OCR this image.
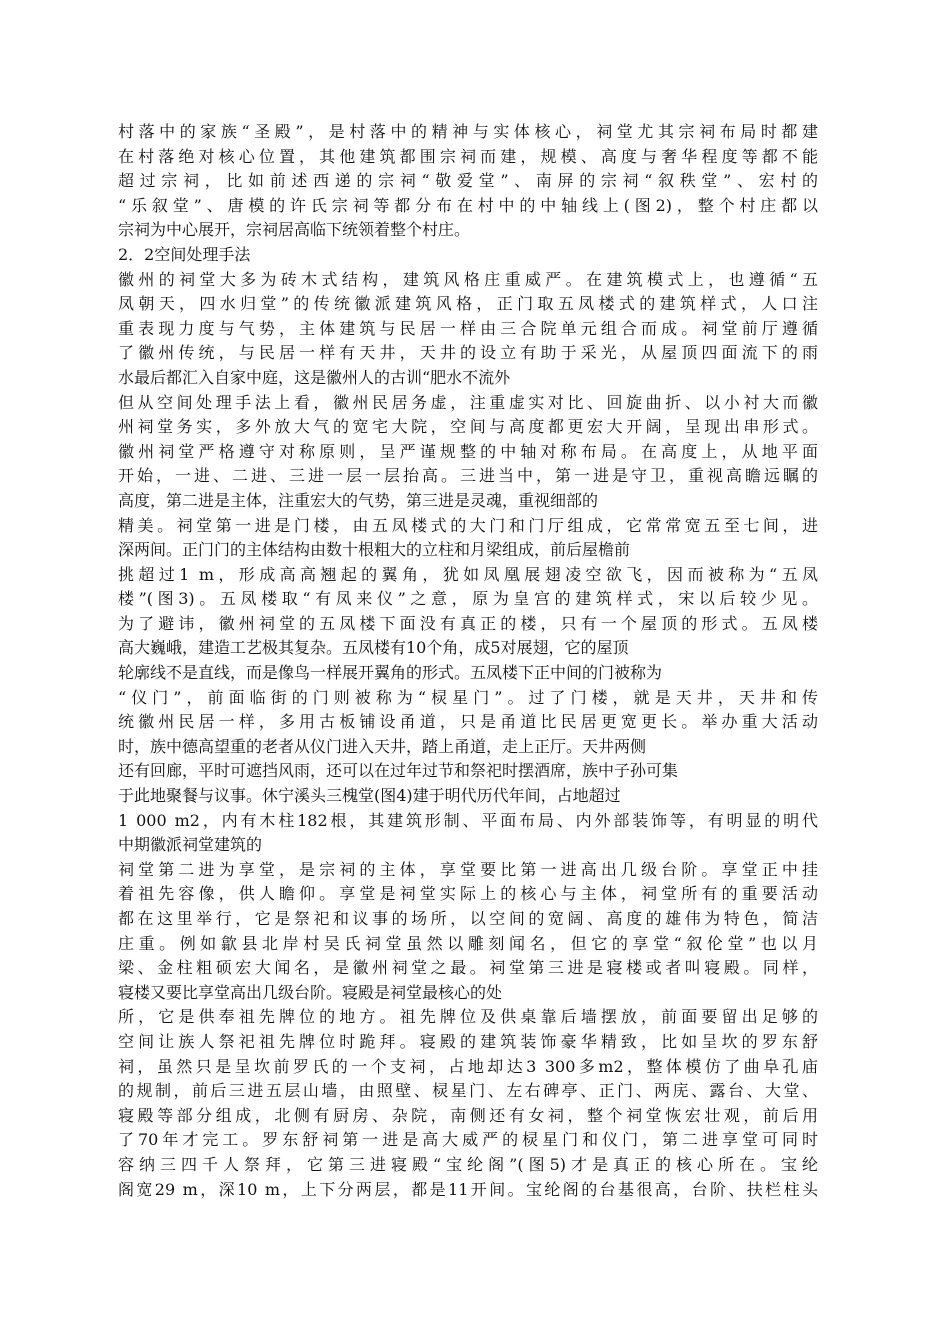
村落中的家族“圣殿”，是村落中的精神与实体核心，祠堂尤其宗祠布局时都建
在村落绝对核心位置，其他建筑都围宗祠而建，规模、高度与奢华程度等都不能
超过宗祠，比如前述西递的宗祠“敬爱堂”、南屏的宗祠“叙秩堂”、宏村的
“乐叙堂”、唐模的许氏宗祠等都分布在村中的中轴线上(图2)，整个村庄都以
宗祠为中心展开，宗祠居高临下统领着整个村庄。
2．2空间处理手法
徽州的祠堂大多为砖木式结构，建筑风格庄重威严。在建筑模式上，也遵循“五
凤朝天，四水归堂”的传统徽派建筑风格，正门取五凤楼式的建筑样式，人口注
重表现力度与气势，主体建筑与民居一样由三合院单元组合而成。祠堂前厅遵循
了徽州传统，与民居一样有天井，天井的设立有助于采光，从屋顶四面流下的雨
水最后都汇入自家中庭，这是徽州人的古训“肥水不流外
但从空间处理手法上看，徽州民居务虚，注重虚实对比、回旋曲折、以小衬大而徽
州祠堂务实，多外放大气的宽宅大院，空间与高度都更宏大开阔，呈现出串形式。
徽州祠堂严格遵守对称原则，呈严谨规整的中轴对称布局。在高度上，从地平面
开始，一进、二进、三进一层一层抬高。三进当中，第一进是守卫，重视高瞻远瞩的
高度，第二进是主体，注重宏大的气势，第三进是灵魂，重视细部的
精美。祠堂第一进是门楼，由五凤楼式的大门和门厅组成，它常常宽五至七间，进
深两间。正门门的主体结构由数十根粗大的立柱和月梁组成，前后屋檐前
挑超过1 m，形成高高翘起的翼角，犹如凤凰展翅凌空欲飞，因而被称为“五凤
楼”(图3)。五凤楼取“有凤来仪”之意，原为皇宫的建筑样式，宋以后较少见。
为了避讳，徽州祠堂的五凤楼下面没有真正的楼，只有一个屋顶的形式。五凤楼
高大巍峨，建造工艺极其复杂。五凤楼有10个角，成5对展翅，它的屋顶
轮廓线不是直线，而是像鸟一样展开翼角的形式。五凤楼下正中间的门被称为
“仪门”，前面临街的门则被称为“棂星门”。过了门楼，就是天井，天井和传
统徽州民居一样，多用古板铺设甬道，只是甬道比民居更宽更长。举办重大活动
时，族中德高望重的老者从仪门进入天井，踏上甬道，走上正厅。天井两侧
还有回廊，平时可遮挡风雨，还可以在过年过节和祭祀时摆酒席，族中子孙可集
于此地聚餐与议事。休宁溪头三槐堂(图4)建于明代历代年间，占地超过
1 000 m2，内有木柱182根，其建筑形制、平面布局、内外部装饰等，有明显的明代
中期徽派祠堂建筑的
祠堂第二进为享堂，是宗祠的主体，享堂要比第一进高出几级台阶。享堂正中挂
着祖先容像，供人瞻仰。享堂是祠堂实际上的核心与主体，祠堂所有的重要活动
都在这里举行，它是祭祀和议事的场所，以空间的宽阔、高度的雄伟为特色，简洁
庄重。例如歙县北岸村吴氏祠堂虽然以雕刻闻名，但它的享堂“叙伦堂”也以月
梁、金柱粗硕宏大闻名，是徽州祠堂之最。祠堂第三进是寝楼或者叫寝殿。同样，
寝楼又要比享堂高出几级台阶。寝殿是祠堂最核心的处
所，它是供奉祖先牌位的地方。祖先牌位及供桌靠后墙摆放，前面要留出足够的
空间让族人祭祀祖先牌位时跪拜。寝殿的建筑装饰豪华精致，比如呈坎的罗东舒
祠，虽然只是呈坎前罗氏的一个支祠，占地却达3 300多m2，整体模仿了曲阜孔庙
的规制，前后三进五层山墙，由照壁、棂星门、左右碑亭、正门、两庑、露台、大堂、
寝殿等部分组成，北侧有厨房、杂院，南侧还有女祠，整个祠堂恢宏壮观，前后用
了70年才完工。罗东舒祠第一进是高大威严的棂星门和仪门，第二进享堂可同时
容纳三四千人祭拜，它第三进寝殿“宝纶阁”(图5)才是真正的核心所在。宝纶
阁宽29 m，深10 m，上下分两层，都是11开间。宝纶阁的台基很高，台阶、扶栏柱头
